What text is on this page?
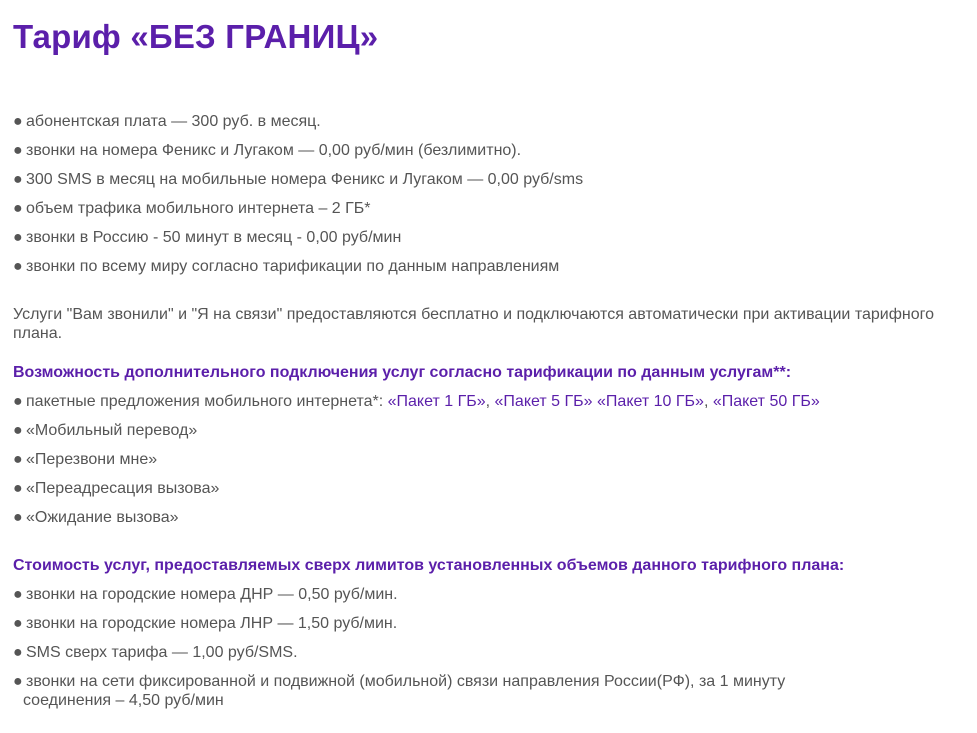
Тариф «БЕЗ ГРАНИЦ»
● абонентская плата — 300 руб. в месяц.
● звонки на номера Феникс и Лугаком — 0,00 руб/мин (безлимитно).
● 300 SMS в месяц на мобильные номера Феникс и Лугаком — 0,00 руб/sms
● объем трафика мобильного интернета – 2 ГБ*
● звонки в Россию - 50 минут в месяц - 0,00 руб/мин
● звонки по всему миру согласно тарификации по данным направлениям

Услуги "Вам звонили" и "Я на связи" предоставляются бесплатно и подключаются автоматически при активации тарифного плана.

Возможность дополнительного подключения услуг согласно тарификации по данным услугам**:
● пакетные предложения мобильного интернета*: «Пакет 1 ГБ», «Пакет 5 ГБ» «Пакет 10 ГБ», «Пакет 50 ГБ»
● «Мобильный перевод»
● «Перезвони мне»
● «Переадресация вызова»
● «Ожидание вызова»
Стоимость услуг, предоставляемых сверх лимитов установленных объемов данного тарифного плана:
● звонки на городские номера ДНР — 0,50 руб/мин.
● звонки на городские номера ЛНР — 1,50 руб/мин.
● SMS сверх тарифа — 1,00 руб/SMS.
● звонки на сети фиксированной и подвижной (мобильной) связи направления России(РФ), за 1 минуту
соединения – 4,50 руб/мин
